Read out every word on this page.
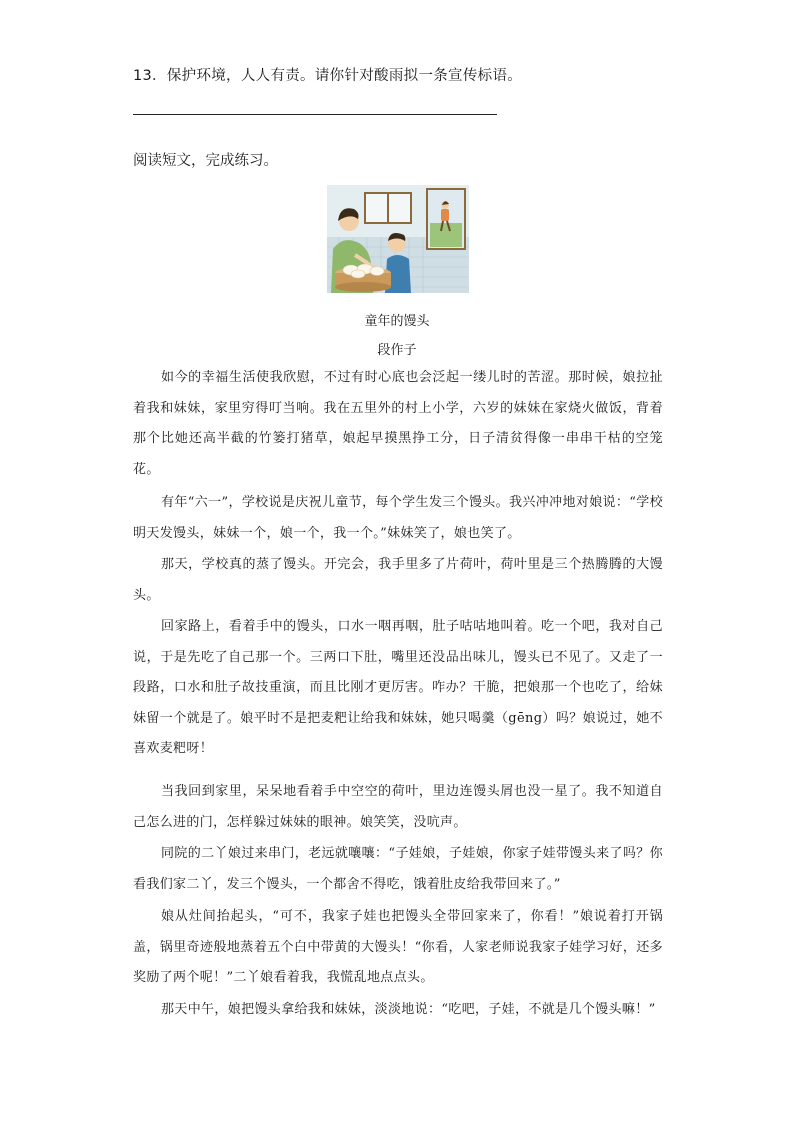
13．保护环境，人人有责。请你针对酸雨拟一条宣传标语。
阅读短文，完成练习。
童年的馒头
段作子

如今的幸福生活使我欣慰，不过有时心底也会泛起一缕儿时的苦涩。那时候，娘拉扯着我和妹妹，家里穷得叮当响。我在五里外的村上小学，六岁的妹妹在家烧火做饭，背着那个比她还高半截的竹篓打猪草，娘起早摸黑挣工分，日子清贫得像一串串干枯的空笼花。

有年“六一”，学校说是庆祝儿童节，每个学生发三个馒头。我兴冲冲地对娘说：“学校明天发馒头，妹妹一个，娘一个，我一个。”妹妹笑了，娘也笑了。

那天，学校真的蒸了馒头。开完会，我手里多了片荷叶，荷叶里是三个热腾腾的大馒头。

回家路上，看着手中的馒头，口水一咽再咽，肚子咕咕地叫着。吃一个吧，我对自己说，于是先吃了自己那一个。三两口下肚，嘴里还没品出味儿，馒头已不见了。又走了一段路，口水和肚子故技重演，而且比刚才更厉害。咋办？干脆，把娘那一个也吃了，给妹妹留一个就是了。娘平时不是把麦粑让给我和妹妹，她只喝羹（gēng）吗？娘说过，她不喜欢麦粑呀！

当我回到家里，呆呆地看着手中空空的荷叶，里边连馒头屑也没一星了。我不知道自己怎么进的门，怎样躲过妹妹的眼神。娘笑笑，没吭声。

同院的二丫娘过来串门，老远就嚷嚷：“子娃娘，子娃娘，你家子娃带馒头来了吗？你看我们家二丫，发三个馒头，一个都舍不得吃，饿着肚皮给我带回来了。”

娘从灶间抬起头，“可不，我家子娃也把馒头全带回家来了，你看！”娘说着打开锅盖，锅里奇迹般地蒸着五个白中带黄的大馒头！“你看，人家老师说我家子娃学习好，还多奖励了两个呢！”二丫娘看着我，我慌乱地点点头。

那天中午，娘把馒头拿给我和妹妹，淡淡地说：“吃吧，子娃，不就是几个馒头嘛！”
